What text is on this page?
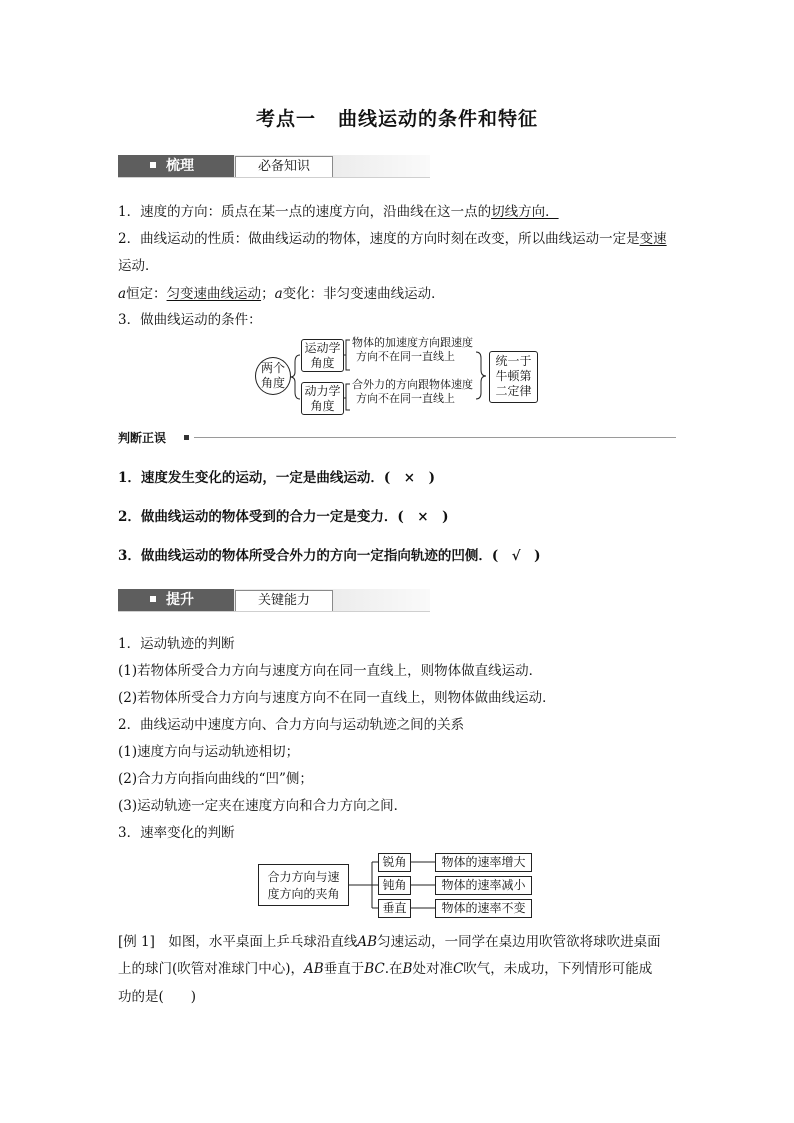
考点一 曲线运动的条件和特征
梳理	必备知识
1．速度的方向：质点在某一点的速度方向，沿曲线在这一点的切线方向．
2．曲线运动的性质：做曲线运动的物体，速度的方向时刻在改变，所以曲线运动一定是变速
运动．
a恒定：匀变速曲线运动；a变化：非匀变速曲线运动．
3．做曲线运动的条件：
两个
角度
运动学
角度
动力学
角度
物体的加速度方向跟速度
方向不在同一直线上
合外力的方向跟物体速度
方向不在同一直线上
统一于
牛顿第
二定律
判断正误
1．速度发生变化的运动，一定是曲线运动．(　×　)
2．做曲线运动的物体受到的合力一定是变力．(　×　)
3．做曲线运动的物体所受合外力的方向一定指向轨迹的凹侧．(　√　)
提升	关键能力
1．运动轨迹的判断
(1)若物体所受合力方向与速度方向在同一直线上，则物体做直线运动．
(2)若物体所受合力方向与速度方向不在同一直线上，则物体做曲线运动．
2．曲线运动中速度方向、合力方向与运动轨迹之间的关系
(1)速度方向与运动轨迹相切；
(2)合力方向指向曲线的“凹”侧；
(3)运动轨迹一定夹在速度方向和合力方向之间．
3．速率变化的判断
合力方向与速
度方向的夹角
锐角
钝角
垂直
物体的速率增大
物体的速率减小
物体的速率不变
[例 1]　 如图，水平桌面上乒乓球沿直线AB匀速运动，一同学在桌边用吹管欲将球吹进桌面
上的球门(吹管对准球门中心)，AB垂直于BC.在B处对准C吹气，未成功，下列情形可能成
功的是(　　)
